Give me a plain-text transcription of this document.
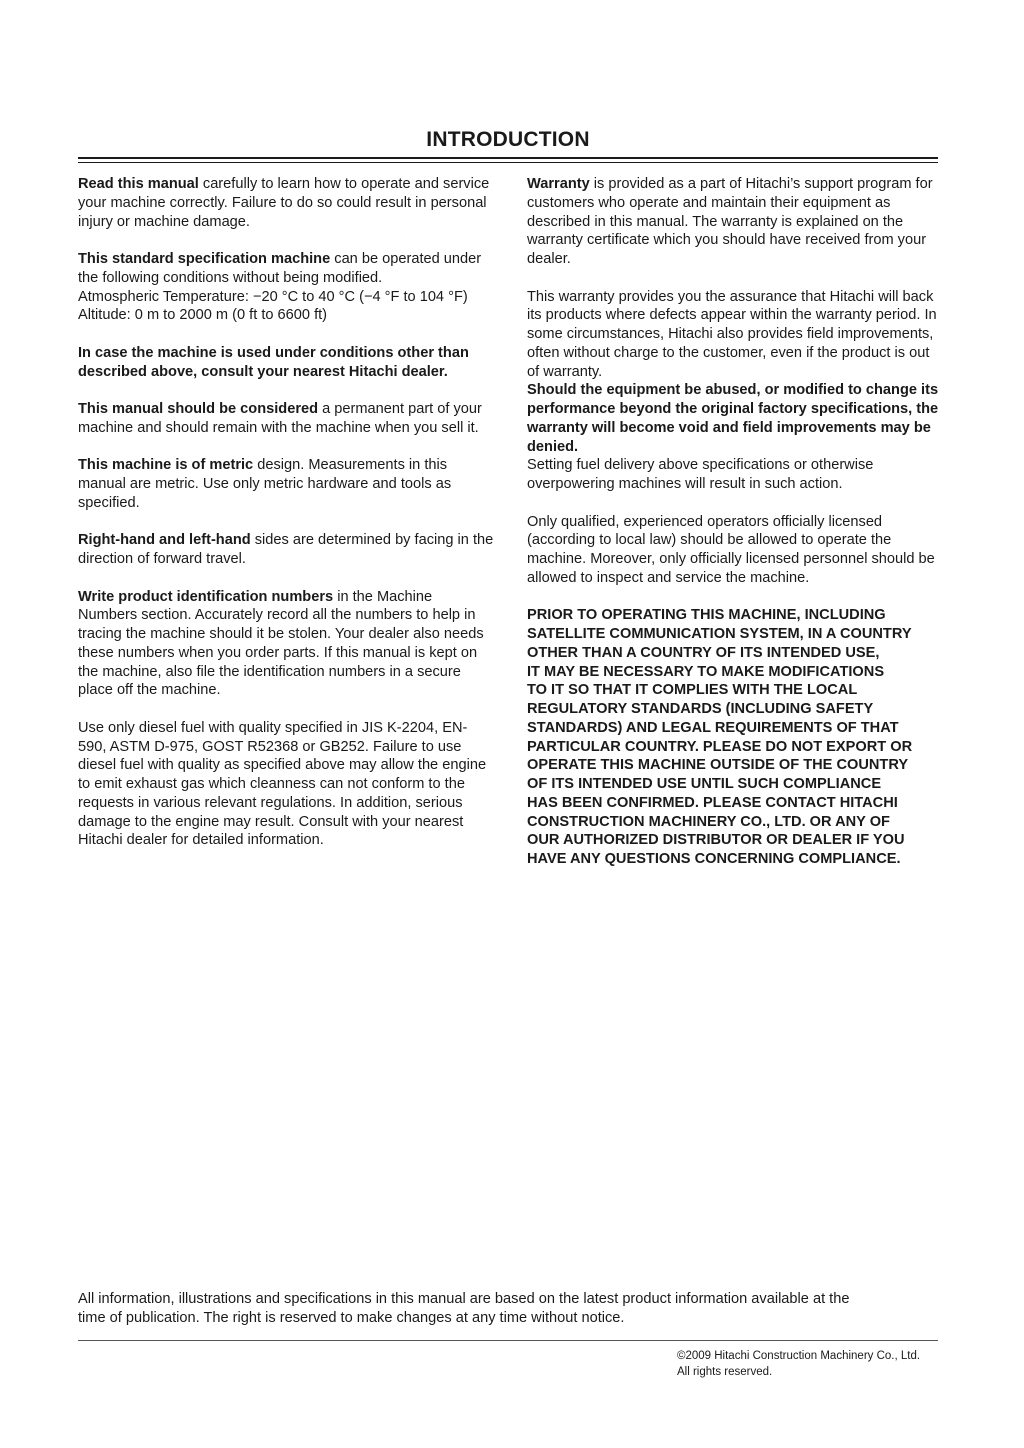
INTRODUCTION

Read this manual carefully to learn how to operate and service your machine correctly. Failure to do so could result in personal injury or machine damage.

This standard specification machine can be operated under the following conditions without being modified.

Atmospheric Temperature: −20 °C to 40 °C (−4 °F to 104 °F)
Altitude: 0 m to 2000 m (0 ft to 6600 ft)

In case the machine is used under conditions other than described above, consult your nearest Hitachi dealer.

This manual should be considered a permanent part of your machine and should remain with the machine when you sell it.

This machine is of metric design. Measurements in this manual are metric. Use only metric hardware and tools as specified.

Right-hand and left-hand sides are determined by facing in the direction of forward travel.

Write product identification numbers in the Machine Numbers section. Accurately record all the numbers to help in tracing the machine should it be stolen. Your dealer also needs these numbers when you order parts. If this manual is kept on the machine, also file the identification numbers in a secure place off the machine.

Use only diesel fuel with quality specified in JIS K-2204, EN-590, ASTM D-975, GOST R52368 or GB252. Failure to use diesel fuel with quality as specified above may allow the engine to emit exhaust gas which cleanness can not conform to the requests in various relevant regulations. In addition, serious damage to the engine may result. Consult with your nearest Hitachi dealer for detailed information.

Warranty is provided as a part of Hitachi’s support program for customers who operate and maintain their equipment as described in this manual. The warranty is explained on the warranty certificate which you should have received from your dealer.

This warranty provides you the assurance that Hitachi will back its products where defects appear within the warranty period. In some circumstances, Hitachi also provides field improvements, often without charge to the customer, even if the product is out of warranty.

Should the equipment be abused, or modified to change its performance beyond the original factory specifications, the warranty will become void and field improvements may be denied.

Setting fuel delivery above specifications or otherwise overpowering machines will result in such action.

Only qualified, experienced operators officially licensed (according to local law) should be allowed to operate the machine. Moreover, only officially licensed personnel should be allowed to inspect and service the machine.

PRIOR TO OPERATING THIS MACHINE, INCLUDING
SATELLITE COMMUNICATION SYSTEM, IN A COUNTRY
OTHER THAN A COUNTRY OF ITS INTENDED USE,
IT MAY BE NECESSARY TO MAKE MODIFICATIONS
TO IT SO THAT IT COMPLIES WITH THE LOCAL
REGULATORY STANDARDS (INCLUDING SAFETY
STANDARDS) AND LEGAL REQUIREMENTS OF THAT
PARTICULAR COUNTRY. PLEASE DO NOT EXPORT OR
OPERATE THIS MACHINE OUTSIDE OF THE COUNTRY
OF ITS INTENDED USE UNTIL SUCH COMPLIANCE
HAS BEEN CONFIRMED. PLEASE CONTACT HITACHI
CONSTRUCTION MACHINERY CO., LTD. OR ANY OF
OUR AUTHORIZED DISTRIBUTOR OR DEALER IF YOU
HAVE ANY QUESTIONS CONCERNING COMPLIANCE.

All information, illustrations and specifications in this manual are based on the latest product information available at the
time of publication. The right is reserved to make changes at any time without notice.
©2009 Hitachi Construction Machinery Co., Ltd.
All rights reserved.
